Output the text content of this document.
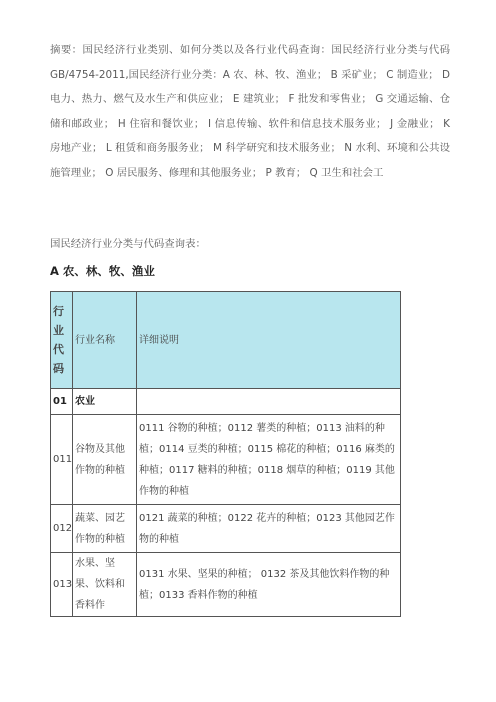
摘要：国民经济行业类别、如何分类以及各行业代码查询：国民经济行业分类与代码GB/4754-2011,国民经济行业分类：A 农、林、牧、渔业； B 采矿业； C 制造业； D 电力、热力、燃气及水生产和供应业； E 建筑业； F 批发和零售业； G 交通运输、仓储和邮政业； H 住宿和餐饮业； I 信息传输、软件和信息技术服务业； J 金融业； K 房地产业； L 租赁和商务服务业； M 科学研究和技术服务业； N 水利、环境和公共设施管理业； O 居民服务、修理和其他服务业； P 教育； Q 卫生和社会工

国民经济行业分类与代码查询表：
A 农、林、牧、渔业
行业代码	行业名称	详细说明
01	农业	
011	谷物及其他作物的种植	0111 谷物的种植；0112 薯类的种植；0113 油料的种植；0114 豆类的种植；0115 棉花的种植；0116 麻类的种植；0117 糖料的种植；0118 烟草的种植；0119 其他作物的种植
012	蔬菜、园艺作物的种植	0121 蔬菜的种植；0122 花卉的种植；0123 其他园艺作物的种植
013	水果、坚果、饮料和香料作	0131 水果、坚果的种植； 0132 茶及其他饮料作物的种植；0133 香料作物的种植
